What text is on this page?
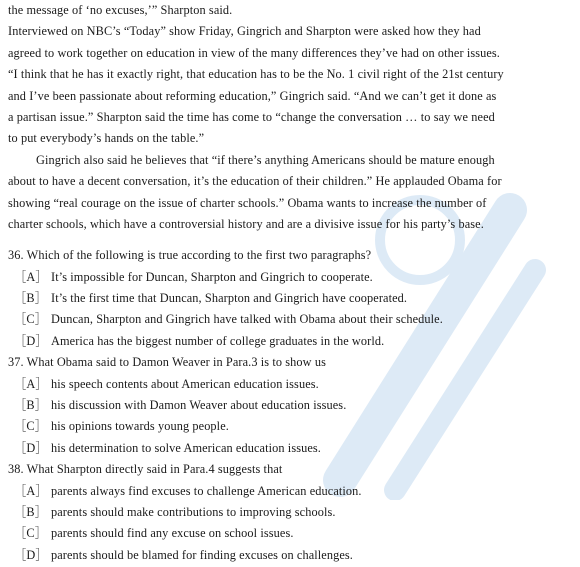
the message of ‘no excuses,’” Sharpton said.
Interviewed on NBC’s “Today” show Friday, Gingrich and Sharpton were asked how they had
agreed to work together on education in view of the many differences they’ve had on other issues.
“I think that he has it exactly right, that education has to be the No. 1 civil right of the 21st century
and I’ve been passionate about reforming education,” Gingrich said. “And we can’t get it done as
a partisan issue.” Sharpton said the time has come to “change the conversation … to say we need
to put everybody’s hands on the table.”
Gingrich also said he believes that “if there’s anything Americans should be mature enough
about to have a decent conversation, it’s the education of their children.” He applauded Obama for
showing “real courage on the issue of charter schools.” Obama wants to increase the number of
charter schools, which have a controversial history and are a divisive issue for his party’s base.
36. Which of the following is true according to the first two paragraphs?
［A］ It’s impossible for Duncan, Sharpton and Gingrich to cooperate.
［B］ It’s the first time that Duncan, Sharpton and Gingrich have cooperated.
［C］ Duncan, Sharpton and Gingrich have talked with Obama about their schedule.
［D］ America has the biggest number of college graduates in the world.
37. What Obama said to Damon Weaver in Para.3 is to show us
［A］ his speech contents about American education issues.
［B］ his discussion with Damon Weaver about education issues.
［C］ his opinions towards young people.
［D］ his determination to solve American education issues.
38. What Sharpton directly said in Para.4 suggests that
［A］ parents always find excuses to challenge American education.
［B］ parents should make contributions to improving schools.
［C］ parents should find any excuse on school issues.
［D］ parents should be blamed for finding excuses on challenges.
